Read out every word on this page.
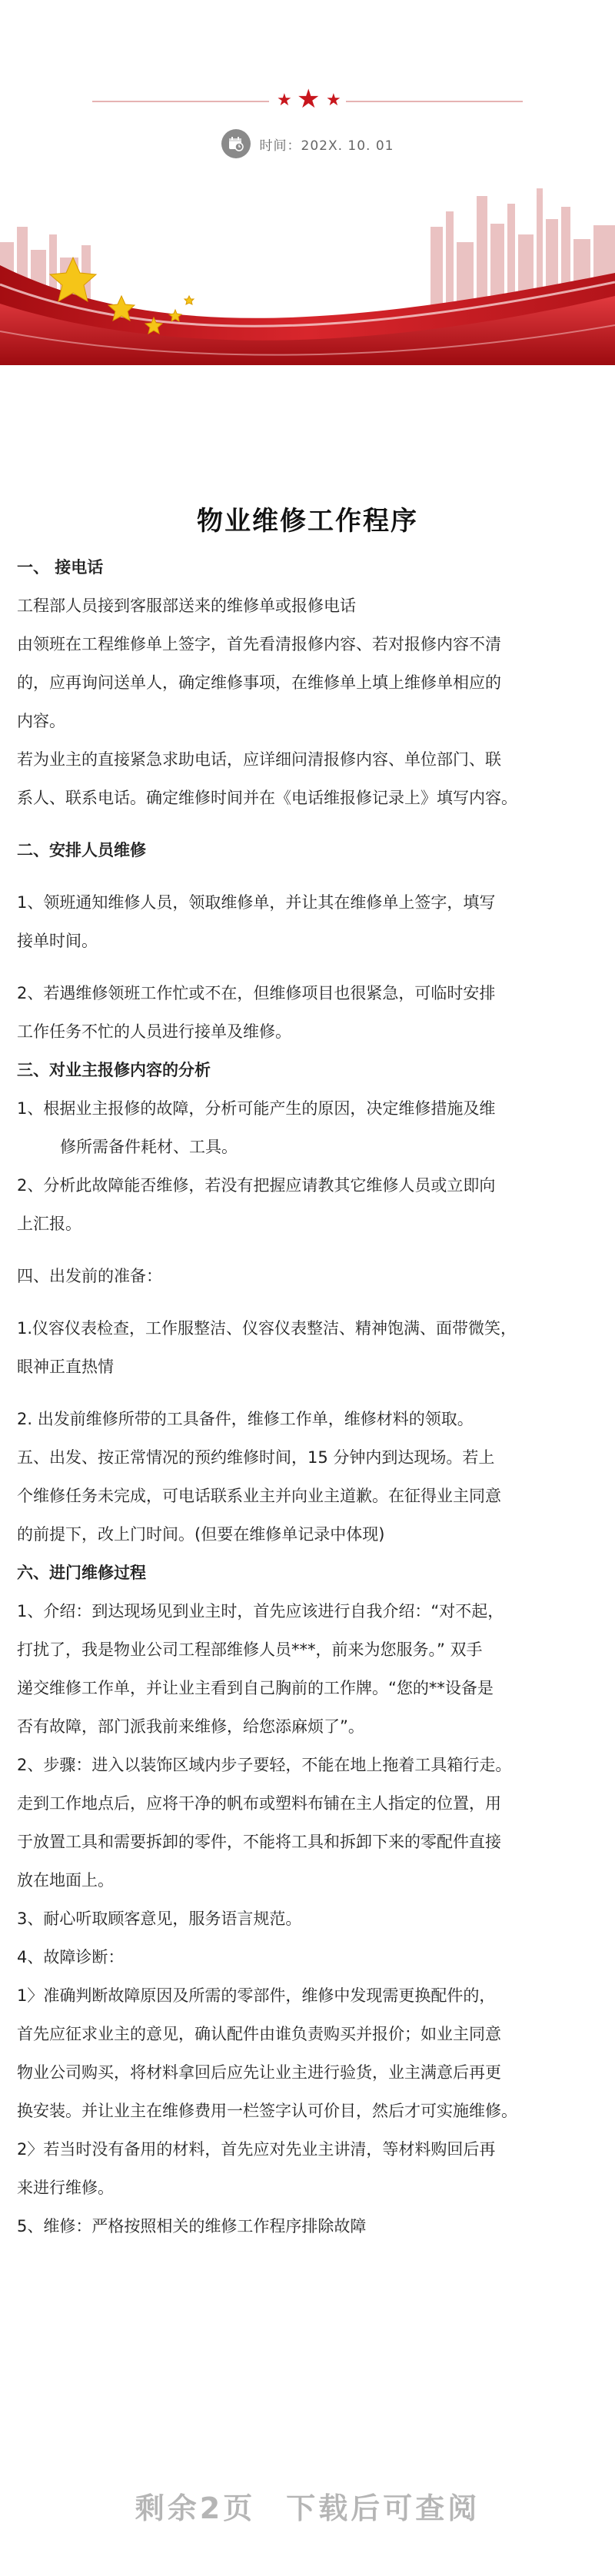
★ ★ ★
时间：202X. 10. 01
物业维修工作程序

一、 接电话

工程部人员接到客服部送来的维修单或报修电话

由领班在工程维修单上签字，首先看清报修内容、若对报修内容不清

的，应再询问送单人，确定维修事项，在维修单上填上维修单相应的

内容。

若为业主的直接紧急求助电话，应详细问清报修内容、单位部门、联

系人、联系电话。确定维修时间并在《电话维报修记录上》填写内容。

二、安排人员维修

1、领班通知维修人员，领取维修单，并让其在维修单上签字，填写

接单时间。

2、若遇维修领班工作忙或不在，但维修项目也很紧急，可临时安排

工作任务不忙的人员进行接单及维修。

三、对业主报修内容的分析

1、根据业主报修的故障，分析可能产生的原因，决定维修措施及维

修所需备件耗材、工具。

2、分析此故障能否维修，若没有把握应请教其它维修人员或立即向

上汇报。

四、出发前的准备：

1.仪容仪表检查，工作服整洁、仪容仪表整洁、精神饱满、面带微笑，

眼神正直热情

2. 出发前维修所带的工具备件，维修工作单，维修材料的领取。

五、出发、按正常情况的预约维修时间，15 分钟内到达现场。若上

个维修任务未完成，可电话联系业主并向业主道歉。在征得业主同意

的前提下，改上门时间。(但要在维修单记录中体现)

六、进门维修过程

1、介绍：到达现场见到业主时，首先应该进行自我介绍：“对不起，

打扰了，我是物业公司工程部维修人员***，前来为您服务。” 双手

递交维修工作单，并让业主看到自己胸前的工作牌。“您的**设备是

否有故障，部门派我前来维修，给您添麻烦了”。

2、步骤：进入以装饰区域内步子要轻，不能在地上拖着工具箱行走。

走到工作地点后，应将干净的帆布或塑料布铺在主人指定的位置，用

于放置工具和需要拆卸的零件，不能将工具和拆卸下来的零配件直接

放在地面上。

3、耐心听取顾客意见，服务语言规范。

4、故障诊断：

1〉准确判断故障原因及所需的零部件，维修中发现需更换配件的，

首先应征求业主的意见，确认配件由谁负责购买并报价；如业主同意

物业公司购买，将材料拿回后应先让业主进行验货，业主满意后再更

换安装。并让业主在维修费用一栏签字认可价目，然后才可实施维修。

2〉若当时没有备用的材料，首先应对先业主讲清，等材料购回后再

来进行维修。

5、维修：严格按照相关的维修工作程序排除故障

剩余2页 下载后可查阅
